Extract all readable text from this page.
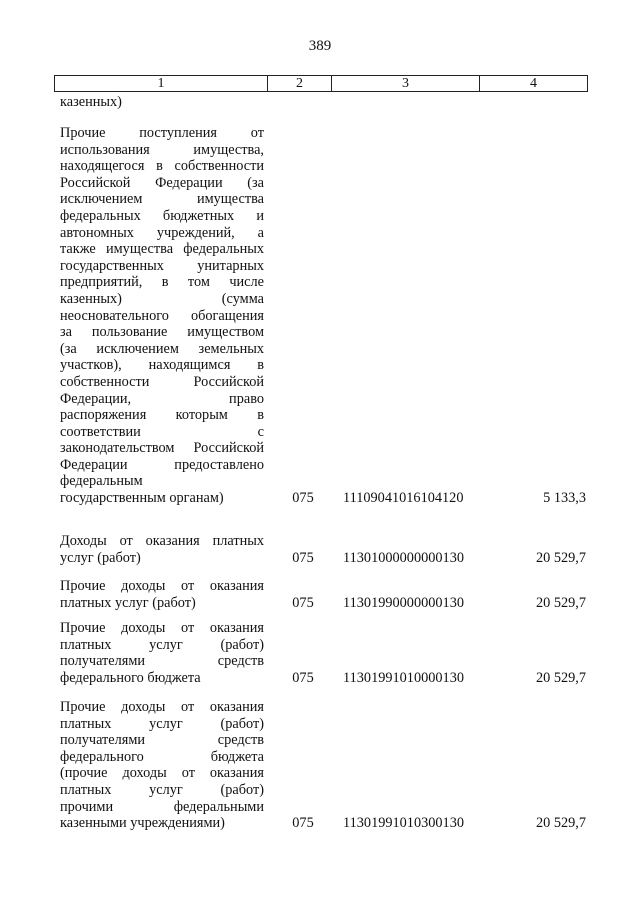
389
1	2	3	4
казенных)
Прочие поступления от
использования имущества,
находящегося в собственности
Российской Федерации (за
исключением имущества
федеральных бюджетных и
автономных учреждений, а
также имущества федеральных
государственных унитарных
предприятий, в том числе
казенных) (сумма
неосновательного обогащения
за пользование имуществом
(за исключением земельных
участков), находящимся в
собственности Российской
Федерации, право
распоряжения которым в
соответствии с
законодательством Российской
Федерации предоставлено
федеральным
государственным органам)	075	11109041016104120	5 133,3
Доходы от оказания платных
услуг (работ)	075	11301000000000130	20 529,7
Прочие доходы от оказания
платных услуг (работ)	075	11301990000000130	20 529,7
Прочие доходы от оказания
платных услуг (работ)
получателями средств
федерального бюджета	075	11301991010000130	20 529,7
Прочие доходы от оказания
платных услуг (работ)
получателями средств
федерального бюджета
(прочие доходы от оказания
платных услуг (работ)
прочими федеральными
казенными учреждениями)	075	11301991010300130	20 529,7
